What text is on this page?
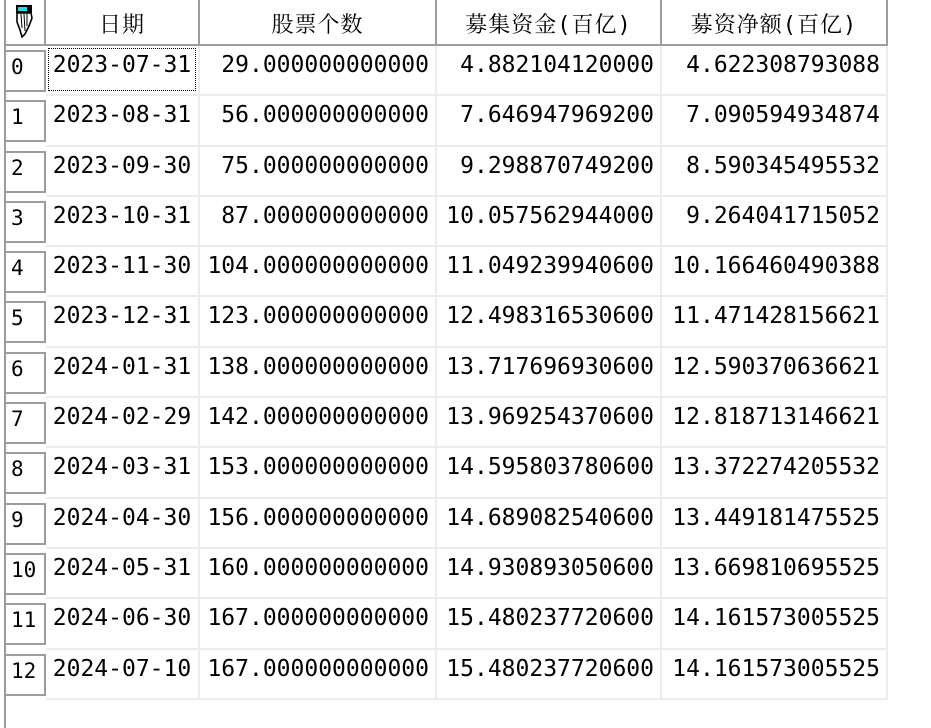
日期	股票个数	募集资金(百亿)	募资净额(百亿)
0	2023-07-31	29.000000000000	4.882104120000	4.622308793088
1	2023-08-31	56.000000000000	7.646947969200	7.090594934874
2	2023-09-30	75.000000000000	9.298870749200	8.590345495532
3	2023-10-31	87.000000000000 10.057562944000	9.264041715052
4	2023-11-30 104.000000000000 11.049239940600 10.166460490388
5	2023-12-31 123.000000000000 12.498316530600 11.471428156621
6	2024-01-31 138.000000000000 13.717696930600 12.590370636621
7	2024-02-29 142.000000000000 13.969254370600 12.818713146621
8	2024-03-31 153.000000000000 14.595803780600 13.372274205532
9	2024-04-30 156.000000000000 14.689082540600 13.449181475525
10 2024-05-31 160.000000000000 14.930893050600 13.669810695525
11 2024-06-30 167.000000000000 15.480237720600 14.161573005525
12 2024-07-10 167.000000000000 15.480237720600 14.161573005525
